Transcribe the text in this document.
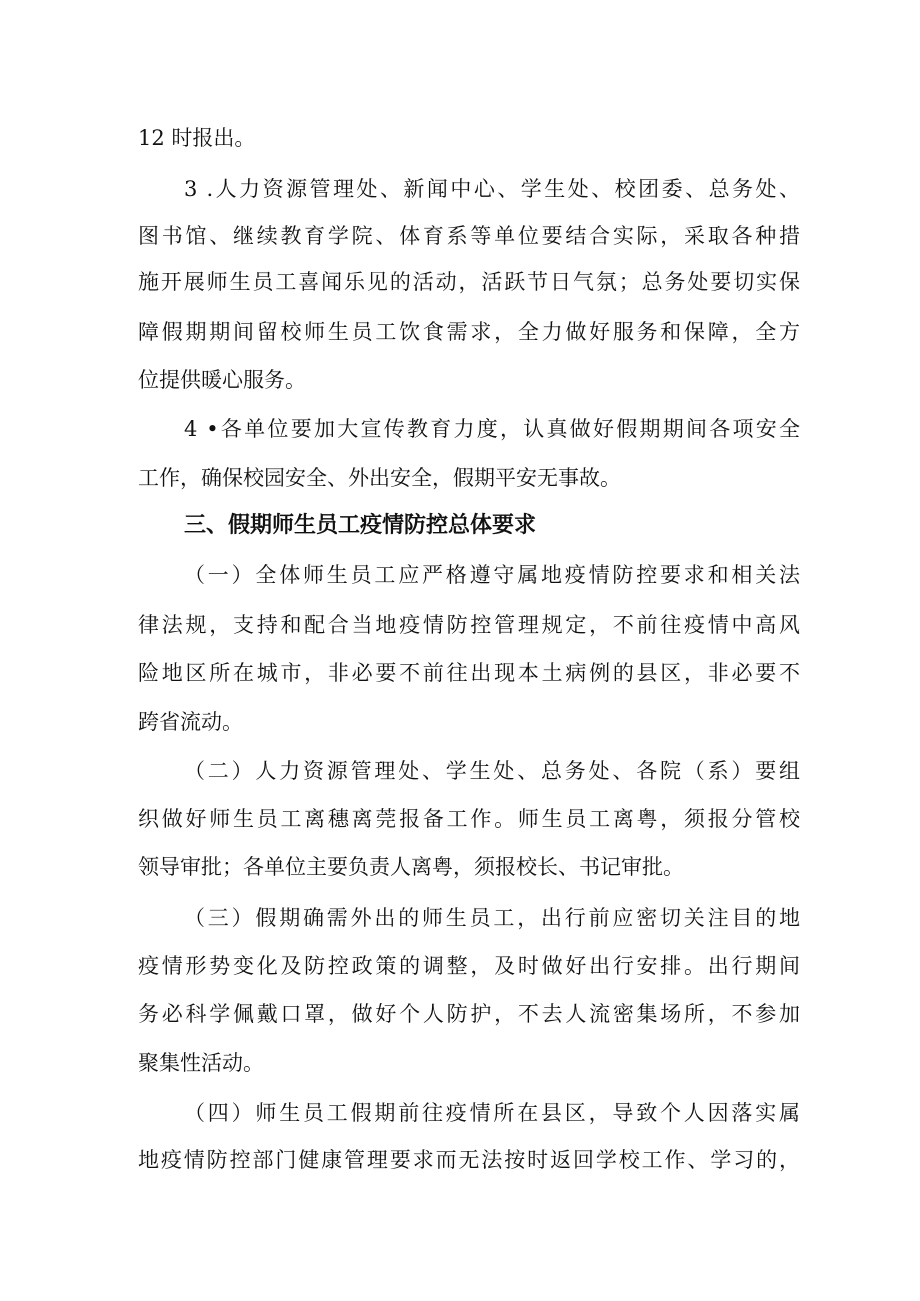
12 时报出。
3 .人力资源管理处、新闻中心、学生处、校团委、总务处、
图书馆、继续教育学院、体育系等单位要结合实际，采取各种措
施开展师生员工喜闻乐见的活动，活跃节日气氛；总务处要切实保
障假期期间留校师生员工饮食需求，全力做好服务和保障，全方
位提供暖心服务。
4 •各单位要加大宣传教育力度，认真做好假期期间各项安全
工作，确保校园安全、外出安全，假期平安无事故。
三、假期师生员工疫情防控总体要求
（一）全体师生员工应严格遵守属地疫情防控要求和相关法
律法规，支持和配合当地疫情防控管理规定，不前往疫情中高风
险地区所在城市，非必要不前往出现本土病例的县区，非必要不
跨省流动。
（二）人力资源管理处、学生处、总务处、各院（系）要组
织做好师生员工离穗离莞报备工作。师生员工离粤，须报分管校
领导审批；各单位主要负责人离粤，须报校长、书记审批。
（三）假期确需外出的师生员工，出行前应密切关注目的地
疫情形势变化及防控政策的调整，及时做好出行安排。出行期间
务必科学佩戴口罩，做好个人防护，不去人流密集场所，不参加
聚集性活动。
（四）师生员工假期前往疫情所在县区，导致个人因落实属
地疫情防控部门健康管理要求而无法按时返回学校工作、学习的，
